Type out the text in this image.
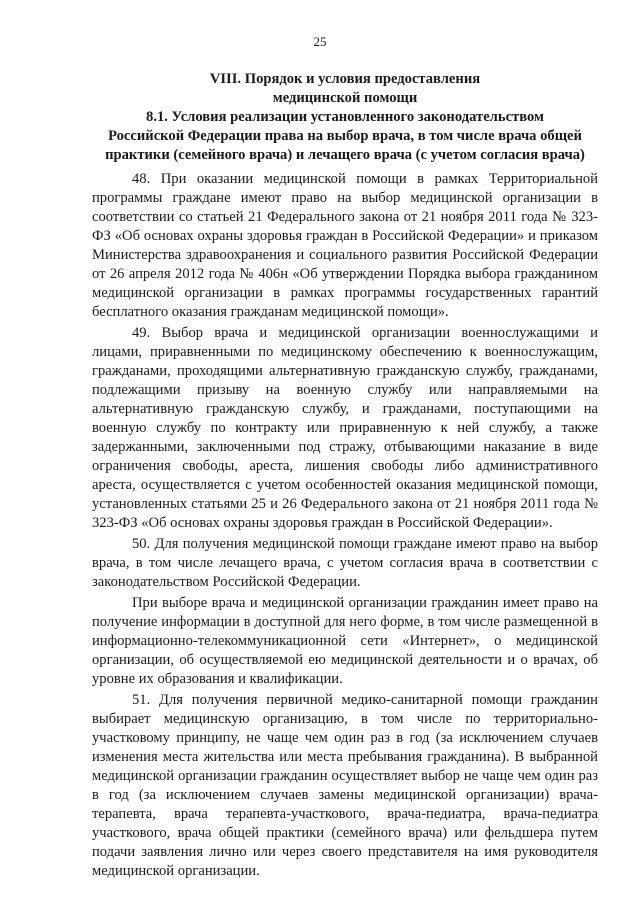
25
VIII. Порядок и условия предоставления
медицинской помощи
8.1. Условия реализации установленного законодательством
Российской Федерации права на выбор врача, в том числе врача общей
практики (семейного врача) и лечащего врача (с учетом согласия врача)

48. При оказании медицинской помощи в рамках Территориальной программы граждане имеют право на выбор медицинской организации в соответствии со статьей 21 Федерального закона от 21 ноября 2011 года № 323-ФЗ «Об основах охраны здоровья граждан в Российской Федерации» и приказом Министерства здравоохранения и социального развития Российской Федерации от 26 апреля 2012 года № 406н «Об утверждении Порядка выбора гражданином медицинской организации в рамках программы государственных гарантий бесплатного оказания гражданам медицинской помощи».

49. Выбор врача и медицинской организации военнослужащими и лицами, приравненными по медицинскому обеспечению к военнослужащим, гражданами, проходящими альтернативную гражданскую службу, гражданами, подлежащими призыву на военную службу или направляемыми на альтернативную гражданскую службу, и гражданами, поступающими на военную службу по контракту или приравненную к ней службу, а также задержанными, заключенными под стражу, отбывающими наказание в виде ограничения свободы, ареста, лишения свободы либо административного ареста, осуществляется с учетом особенностей оказания медицинской помощи, установленных статьями 25 и 26 Федерального закона от 21 ноября 2011 года № 323-ФЗ «Об основах охраны здоровья граждан в Российской Федерации».

50. Для получения медицинской помощи граждане имеют право на выбор врача, в том числе лечащего врача, с учетом согласия врача в соответствии с законодательством Российской Федерации.

При выборе врача и медицинской организации гражданин имеет право на получение информации в доступной для него форме, в том числе размещенной в информационно-телекоммуникационной сети «Интернет», о медицинской организации, об осуществляемой ею медицинской деятельности и о врачах, об уровне их образования и квалификации.

51. Для получения первичной медико-санитарной помощи гражданин выбирает медицинскую организацию, в том числе по территориально-участковому принципу, не чаще чем один раз в год (за исключением случаев изменения места жительства или места пребывания гражданина). В выбранной медицинской организации гражданин осуществляет выбор не чаще чем один раз в год (за исключением случаев замены медицинской организации) врача-терапевта, врача терапевта-участкового, врача-педиатра, врача-педиатра участкового, врача общей практики (семейного врача) или фельдшера путем подачи заявления лично или через своего представителя на имя руководителя медицинской организации.
